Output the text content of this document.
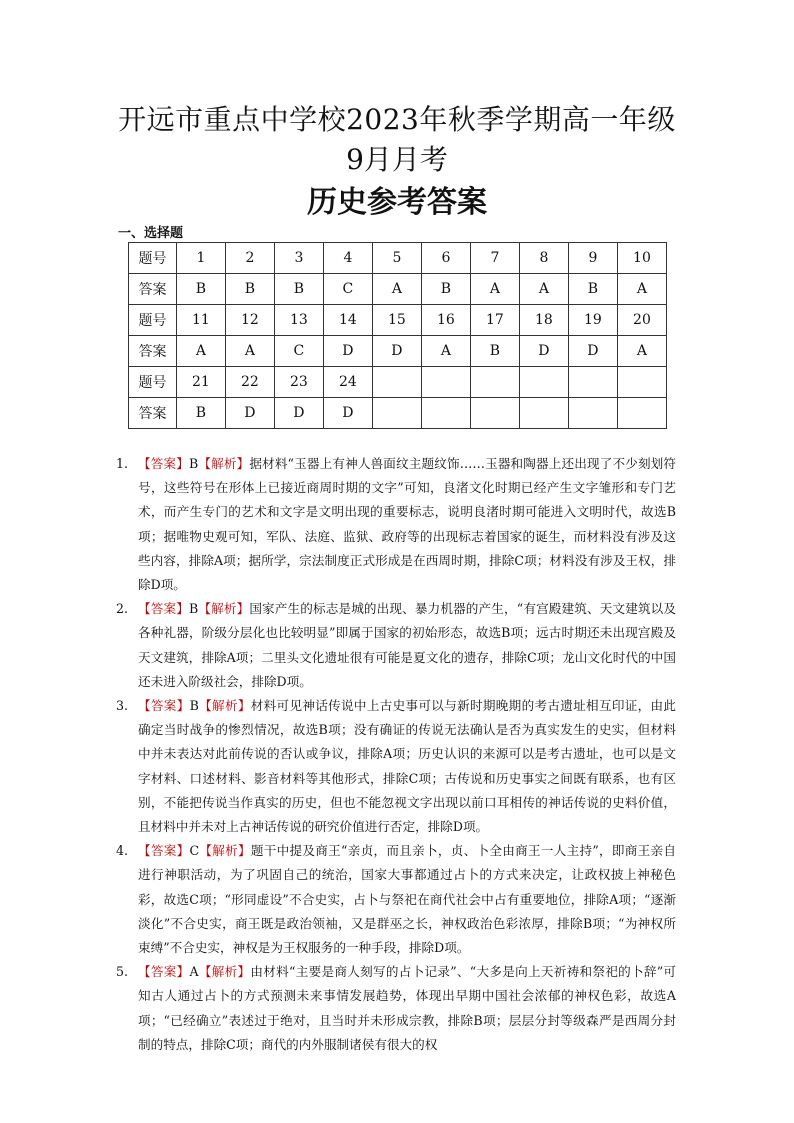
开远市重点中学校2023年秋季学期高一年级
9月月考
历史参考答案
一、选择题
题号	1	2	3	4	5	6	7	8	9	10
答案	B	B	B	C	A	B	A	A	B	A
题号	11	12	13	14	15	16	17	18	19	20
答案	A	A	C	D	D	A	B	D	D	A
题号	21	22	23	24						
答案	B	D	D	D						
1. 【答案】B【解析】据材料“玉器上有神人兽面纹主题纹饰……玉器和陶器上还出现了不少刻划符号，这些符号在形体上已接近商周时期的文字”可知，良渚文化时期已经产生文字雏形和专门艺术，而产生专门的艺术和文字是文明出现的重要标志，说明良渚时期可能进入文明时代，故选B项；据唯物史观可知，军队、法庭、监狱、政府等的出现标志着国家的诞生，而材料没有涉及这些内容，排除A项；据所学，宗法制度正式形成是在西周时期，排除C项；材料没有涉及王权，排除D项。
2. 【答案】B【解析】国家产生的标志是城的出现、暴力机器的产生，“有宫殿建筑、天文建筑以及各种礼器，阶级分层化也比较明显”即属于国家的初始形态，故选B项；远古时期还未出现宫殿及天文建筑，排除A项；二里头文化遗址很有可能是夏文化的遗存，排除C项；龙山文化时代的中国还未进入阶级社会，排除D项。
3. 【答案】B【解析】材料可见神话传说中上古史事可以与新时期晚期的考古遗址相互印证，由此确定当时战争的惨烈情况，故选B项；没有确证的传说无法确认是否为真实发生的史实，但材料中并未表达对此前传说的否认或争议，排除A项；历史认识的来源可以是考古遗址，也可以是文字材料、口述材料、影音材料等其他形式，排除C项；古传说和历史事实之间既有联系，也有区别，不能把传说当作真实的历史，但也不能忽视文字出现以前口耳相传的神话传说的史料价值，且材料中并未对上古神话传说的研究价值进行否定，排除D项。
4. 【答案】C【解析】题干中提及商王“亲贞，而且亲卜，贞、卜全由商王一人主持”，即商王亲自进行神职活动，为了巩固自己的统治，国家大事都通过占卜的方式来决定，让政权披上神秘色彩，故选C项；“形同虚设”不合史实，占卜与祭祀在商代社会中占有重要地位，排除A项；“逐渐淡化”不合史实，商王既是政治领袖，又是群巫之长，神权政治色彩浓厚，排除B项；“为神权所束缚”不合史实，神权是为王权服务的一种手段，排除D项。
5. 【答案】A【解析】由材料“主要是商人刻写的占卜记录”、“大多是向上天祈祷和祭祀的卜辞”可知古人通过占卜的方式预测未来事情发展趋势，体现出早期中国社会浓郁的神权色彩，故选A项；“已经确立”表述过于绝对，且当时并未形成宗教，排除B项；层层分封等级森严是西周分封制的特点，排除C项；商代的内外服制诸侯有很大的权
